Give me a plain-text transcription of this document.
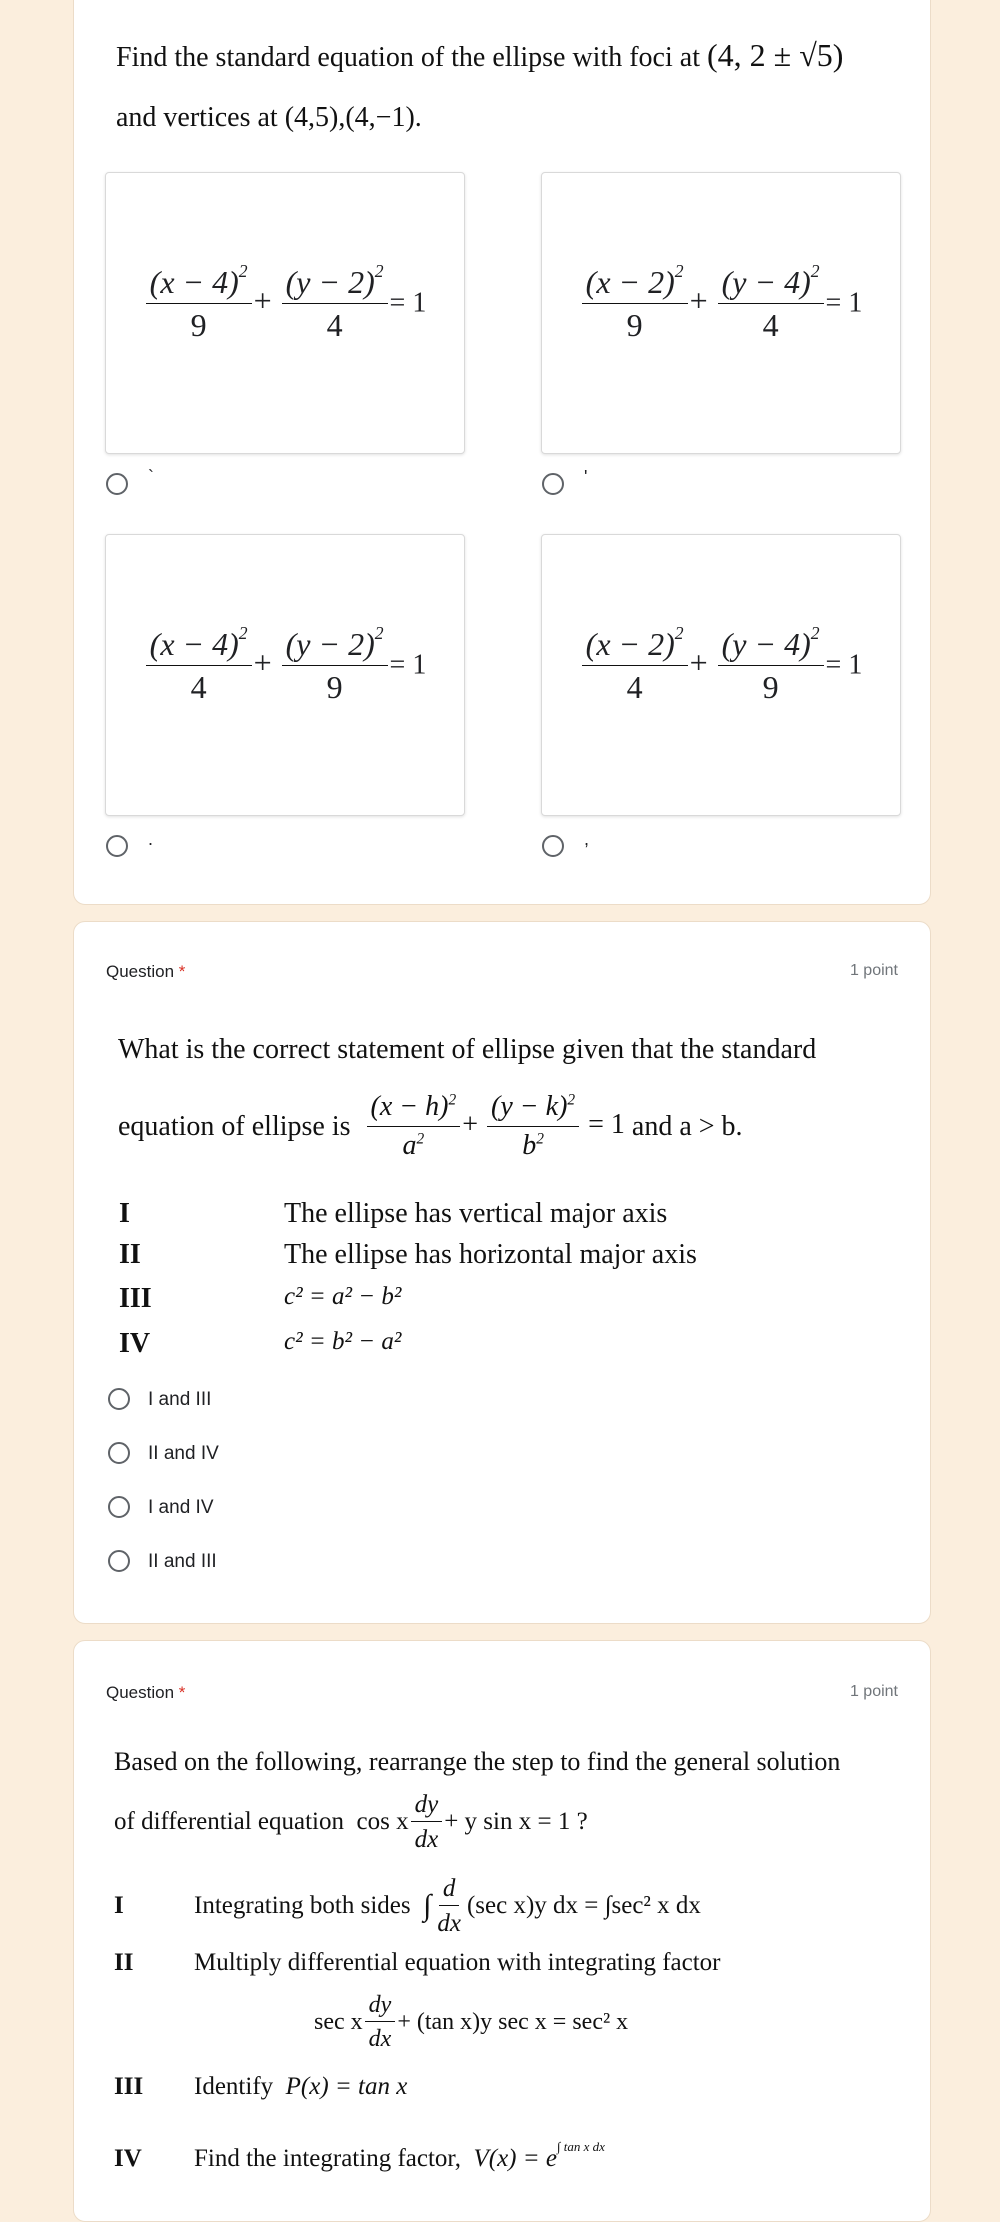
Find the standard equation of the ellipse with foci at (4, 2 ± √5)
and vertices at (4,5),(4,−1).
$\frac{(x - 4)^2}{9} + \frac{(y - 2)^2}{4} = 1$
`
$\frac{(x - 2)^2}{9} + \frac{(y - 4)^2}{4} = 1$
'
$\frac{(x - 4)^2}{4} + \frac{(y - 2)^2}{9} = 1$
.
$\frac{(x - 2)^2}{4} + \frac{(y - 4)^2}{9} = 1$
,
Question *	1 point
What is the correct statement of ellipse given that the standard
equation of ellipse is
$\frac{(x - h)^2}{a^2} + \frac{(y - k)^2}{b^2} = 1$
and a > b.
I	The ellipse has vertical major axis
II	The ellipse has horizontal major axis
III	c² = a² − b²
IV	c² = b² − a²
I and III
II and IV
I and IV
II and III
Question *	1 point
Based on the following, rearrange the step to find the general solution
of differential equation
cos x $\frac{dy}{dx} + y$ sin x = 1 ?
I	Integrating both sides
∫ $\frac{d}{dx} (\sec$ x)y dx = ∫sec² x dx
II	Multiply differential equation with integrating factor
sec x $\frac{dy}{dx} + (\tan$ x)y sec x = sec² x
III	Identify
P(x) = tan x
IV	Find the integrating factor,
$V(x) = e^{\int tan x dx}$
